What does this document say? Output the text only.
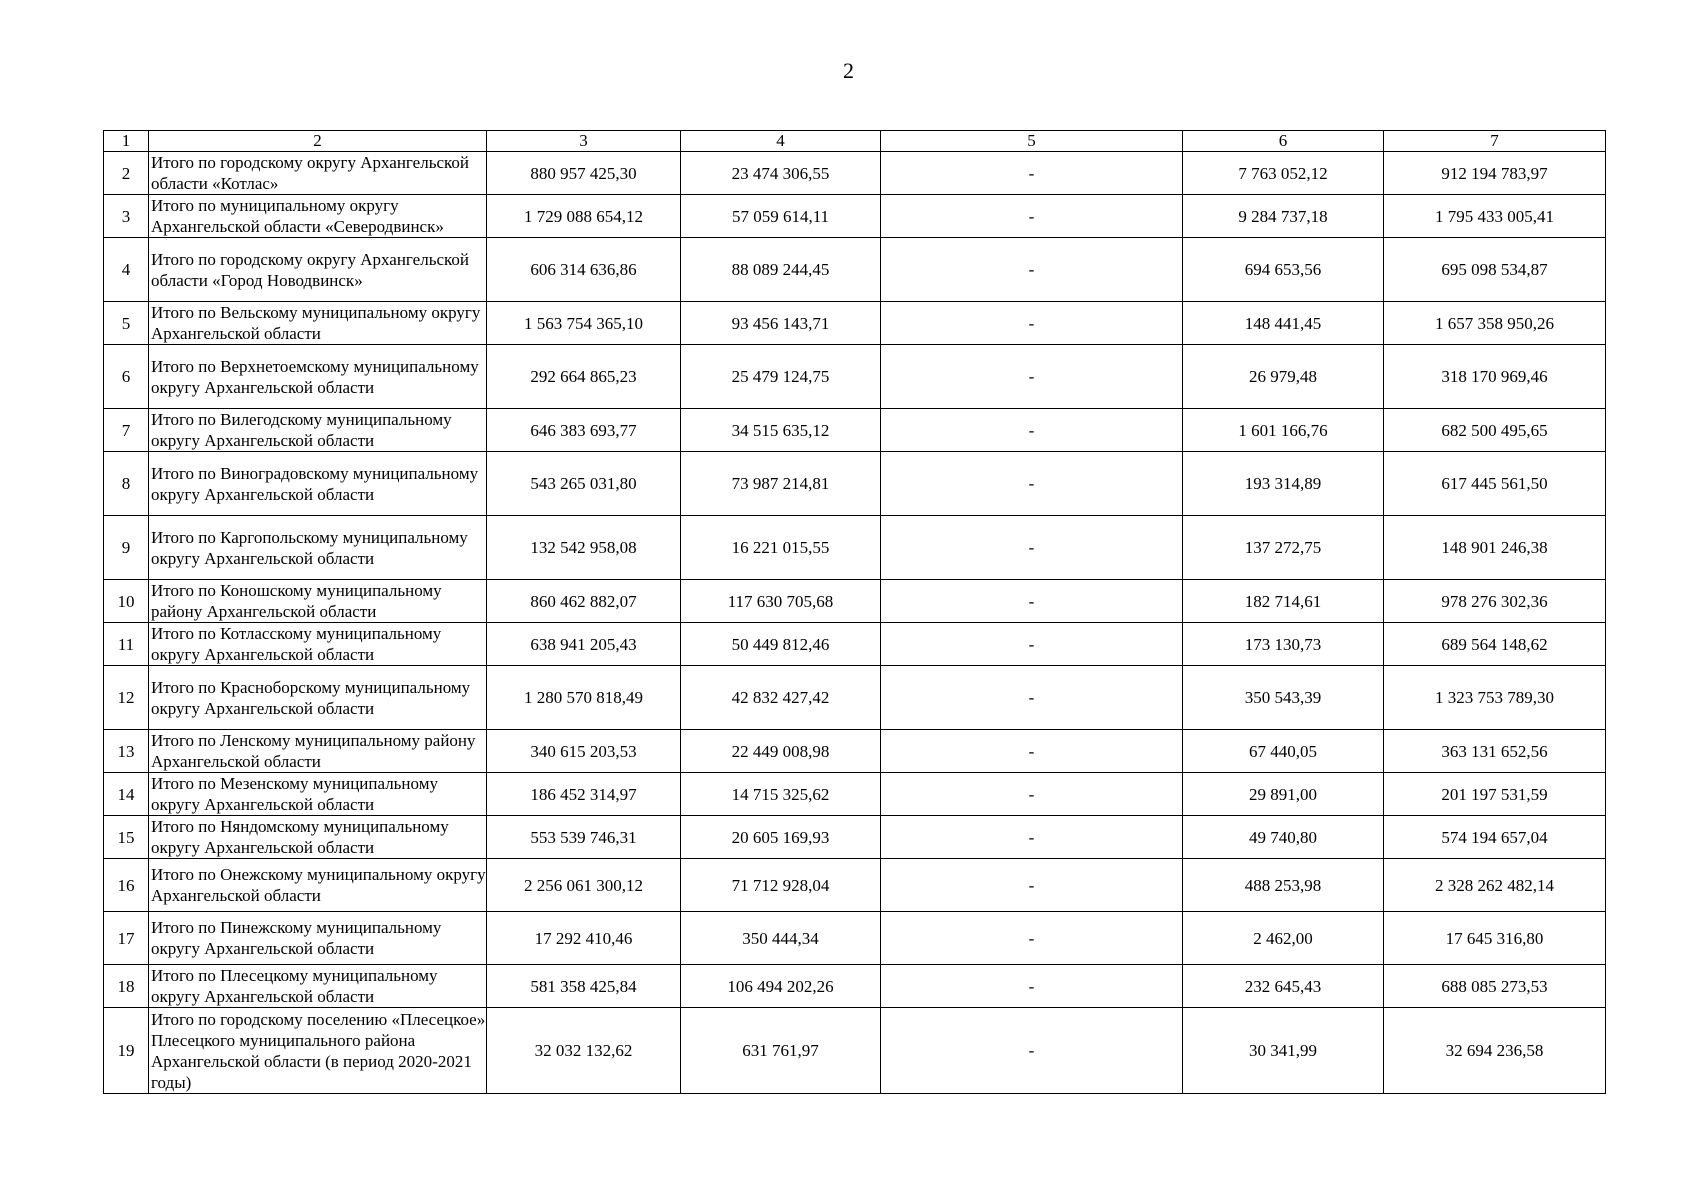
2
1	2	3	4	5	6	7
2	Итого по городскому округу Архангельской области «Котлас»	880 957 425,30	23 474 306,55	-	7 763 052,12	912 194 783,97
3	Итого по муниципальному округу Архангельской области «Северодвинск»	1 729 088 654,12	57 059 614,11	-	9 284 737,18	1 795 433 005,41
4	Итого по городскому округу Архангельской области «Город Новодвинск»	606 314 636,86	88 089 244,45	-	694 653,56	695 098 534,87
5	Итого по Вельскому муниципальному округу Архангельской области	1 563 754 365,10	93 456 143,71	-	148 441,45	1 657 358 950,26
6	Итого по Верхнетоемскому муниципальному округу Архангельской области	292 664 865,23	25 479 124,75	-	26 979,48	318 170 969,46
7	Итого по Вилегодскому муниципальному округу Архангельской области	646 383 693,77	34 515 635,12	-	1 601 166,76	682 500 495,65
8	Итого по Виноградовскому муниципальному округу Архангельской области	543 265 031,80	73 987 214,81	-	193 314,89	617 445 561,50
9	Итого по Каргопольскому муниципальному округу Архангельской области	132 542 958,08	16 221 015,55	-	137 272,75	148 901 246,38
10	Итого по Коношскому муниципальному району Архангельской области	860 462 882,07	117 630 705,68	-	182 714,61	978 276 302,36
11	Итого по Котласскому муниципальному округу Архангельской области	638 941 205,43	50 449 812,46	-	173 130,73	689 564 148,62
12	Итого по Красноборскому муниципальному округу Архангельской области	1 280 570 818,49	42 832 427,42	-	350 543,39	1 323 753 789,30
13	Итого по Ленскому муниципальному району Архангельской области	340 615 203,53	22 449 008,98	-	67 440,05	363 131 652,56
14	Итого по Мезенскому муниципальному округу Архангельской области	186 452 314,97	14 715 325,62	-	29 891,00	201 197 531,59
15	Итого по Няндомскому муниципальному округу Архангельской области	553 539 746,31	20 605 169,93	-	49 740,80	574 194 657,04
16	Итого по Онежскому муниципальному округу Архангельской области	2 256 061 300,12	71 712 928,04	-	488 253,98	2 328 262 482,14
17	Итого по Пинежскому муниципальному округу Архангельской области	17 292 410,46	350 444,34	-	2 462,00	17 645 316,80
18	Итого по Плесецкому муниципальному округу Архангельской области	581 358 425,84	106 494 202,26	-	232 645,43	688 085 273,53
19	Итого по городскому поселению «Плесецкое» Плесецкого муниципального района Архангельской области (в период 2020-2021 годы)	32 032 132,62	631 761,97	-	30 341,99	32 694 236,58
